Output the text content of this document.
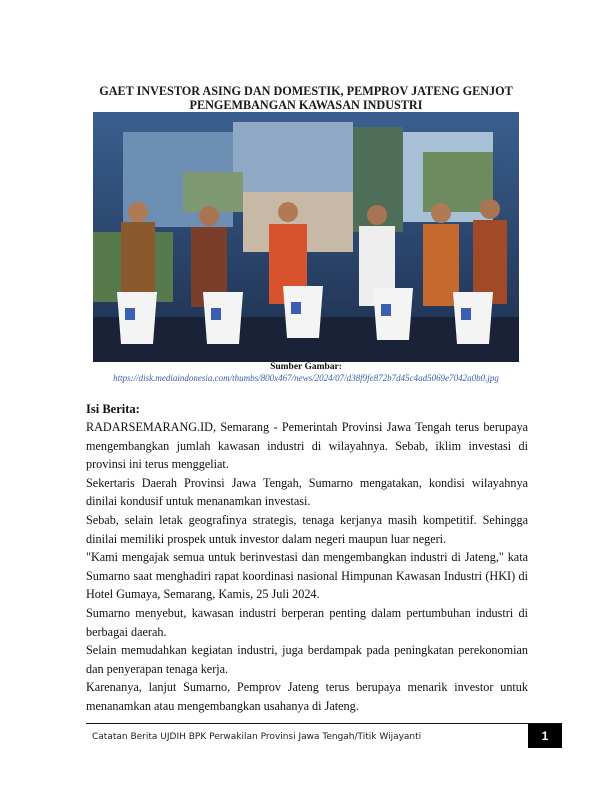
GAET INVESTOR ASING DAN DOMESTIK, PEMPROV JATENG GENJOT
PENGEMBANGAN KAWASAN INDUSTRI
Sumber Gambar:
https://disk.mediaindonesia.com/thumbs/800x467/news/2024/07/d38f9fe872b7d45c4ad5069e7042a0b0.jpg
Isi Berita:

RADARSEMARANG.ID, Semarang - Pemerintah Provinsi Jawa Tengah terus berupaya mengembangkan jumlah kawasan industri di wilayahnya. Sebab, iklim investasi di provinsi ini terus menggeliat.

Sekertaris Daerah Provinsi Jawa Tengah, Sumarno mengatakan, kondisi wilayahnya dinilai kondusif untuk menanamkan investasi.

Sebab, selain letak geografinya strategis, tenaga kerjanya masih kompetitif. Sehingga dinilai memiliki prospek untuk investor dalam negeri maupun luar negeri.

"Kami mengajak semua untuk berinvestasi dan mengembangkan industri di Jateng," kata Sumarno saat menghadiri rapat koordinasi nasional Himpunan Kawasan Industri (HKI) di Hotel Gumaya, Semarang, Kamis, 25 Juli 2024.

Sumarno menyebut, kawasan industri berperan penting dalam pertumbuhan industri di berbagai daerah.

Selain memudahkan kegiatan industri, juga berdampak pada peningkatan perekonomian dan penyerapan tenaga kerja.

Karenanya, lanjut Sumarno, Pemprov Jateng terus berupaya menarik investor untuk menanamkan atau mengembangkan usahanya di Jateng.

Catatan Berita UJDIH BPK Perwakilan Provinsi Jawa Tengah/Titik Wijayanti	1
